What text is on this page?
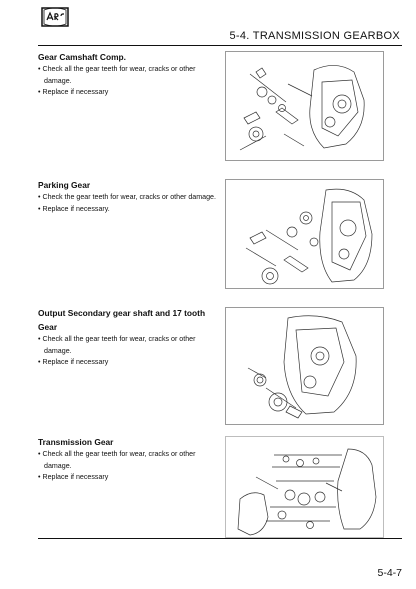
5-4. TRANSMISSION GEARBOX
Gear Camshaft Comp.
• Check all the gear teeth for wear, cracks or other damage.
• Replace if necessary
Parking Gear
• Check the gear teeth for wear, cracks or other damage.
• Replace if necessary.
Output Secondary gear shaft and 17 tooth Gear
• Check all the gear teeth for wear, cracks or other damage.
• Replace if necessary
Transmission Gear
• Check all the gear teeth for wear, cracks or other damage.
• Replace if necessary
5-4-7
